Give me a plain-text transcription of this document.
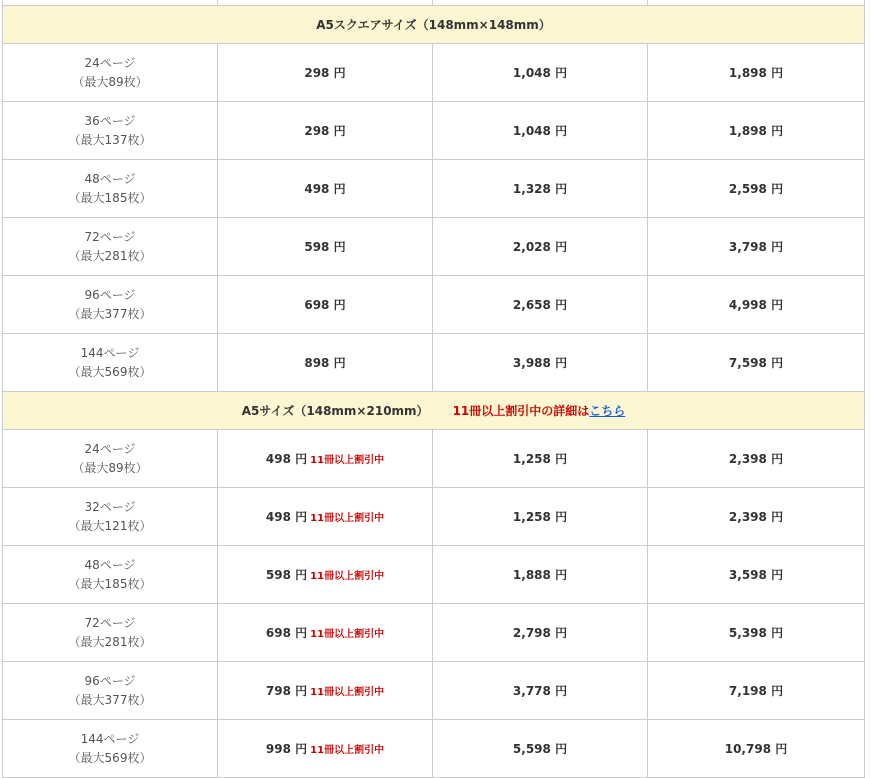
A5スクエアサイズ（148mm×148mm）			

24ページ
（最大89枚）	298 円	1,048 円	1,898 円

36ページ
（最大137枚）	298 円	1,048 円	1,898 円

48ページ
（最大185枚）	498 円	1,328 円	2,598 円

72ページ
（最大281枚）	598 円	2,028 円	3,798 円

96ページ
（最大377枚）	698 円	2,658 円	4,998 円

144ページ
（最大569枚）	898 円	3,988 円	7,598 円
A5サイズ（148mm×210mm） 11冊以上割引中の詳細はこちら			

24ページ
（最大89枚）	498 円 11冊以上割引中	1,258 円	2,398 円

32ページ
（最大121枚）	498 円 11冊以上割引中	1,258 円	2,398 円

48ページ
（最大185枚）	598 円 11冊以上割引中	1,888 円	3,598 円

72ページ
（最大281枚）	698 円 11冊以上割引中	2,798 円	5,398 円

96ページ
（最大377枚）	798 円 11冊以上割引中	3,778 円	7,198 円

144ページ
（最大569枚）	998 円 11冊以上割引中	5,598 円	10,798 円
